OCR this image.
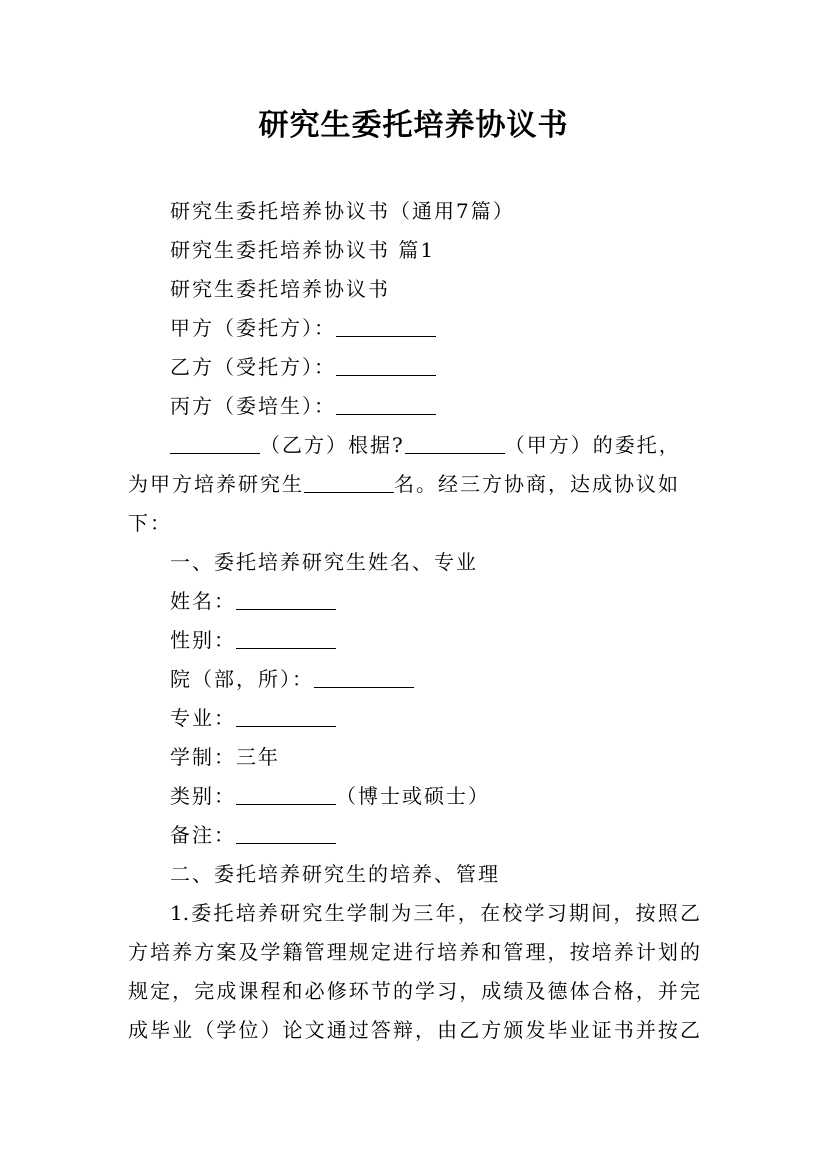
研究生委托培养协议书
研究生委托培养协议书（通用7篇）
研究生委托培养协议书 篇1
研究生委托培养协议书
甲方（委托方）：
乙方（受托方）：
丙方（委培生）：
（乙方）根据?	（甲方）的委托，
为甲方培养研究生	名。经三方协商，达成协议如
下：
一、委托培养研究生姓名、专业
姓名：
性别：
院（部，所）：
专业：
学制：三年
类别：	（博士或硕士）
备注：
二、委托培养研究生的培养、管理
1.委托培养研究生学制为三年，在校学习期间，按照乙
方培养方案及学籍管理规定进行培养和管理，按培养计划的
规定，完成课程和必修环节的学习，成绩及德体合格，并完
成毕业（学位）论文通过答辩，由乙方颁发毕业证书并按乙
